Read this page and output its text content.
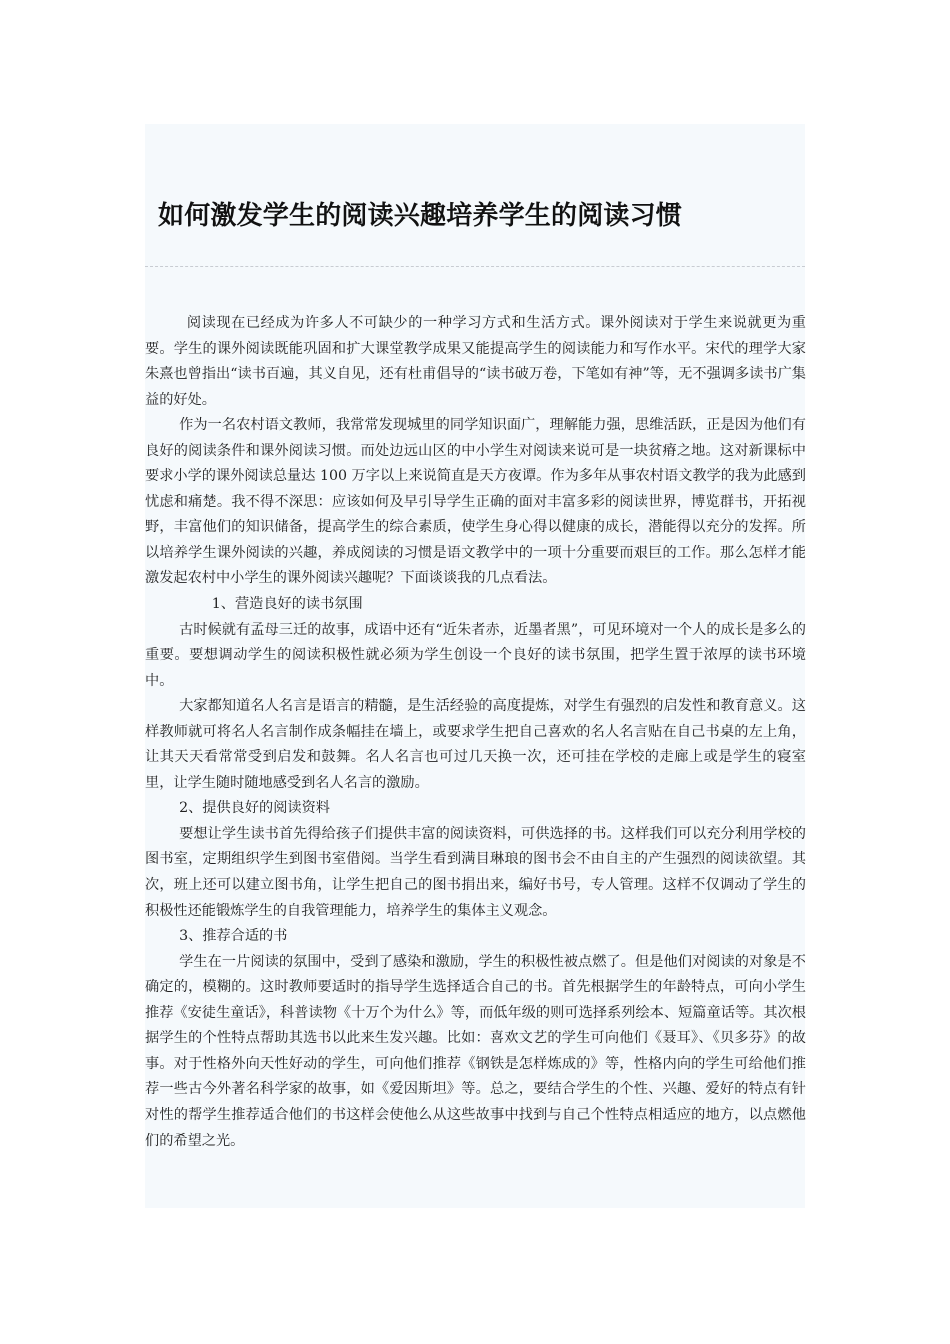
如何激发学生的阅读兴趣培养学生的阅读习惯

阅读现在已经成为许多人不可缺少的一种学习方式和生活方式。课外阅读对于学生来说就更为重要。学生的课外阅读既能巩固和扩大课堂教学成果又能提高学生的阅读能力和写作水平。宋代的理学大家朱熹也曾指出“读书百遍，其义自见，还有杜甫倡导的“读书破万卷，下笔如有神”等，无不强调多读书广集益的好处。

作为一名农村语文教师，我常常发现城里的同学知识面广，理解能力强，思维活跃，正是因为他们有良好的阅读条件和课外阅读习惯。而处边远山区的中小学生对阅读来说可是一块贫瘠之地。这对新课标中要求小学的课外阅读总量达 100 万字以上来说简直是天方夜谭。作为多年从事农村语文教学的我为此感到忧虑和痛楚。我不得不深思：应该如何及早引导学生正确的面对丰富多彩的阅读世界，博览群书，开拓视野，丰富他们的知识储备，提高学生的综合素质，使学生身心得以健康的成长，潜能得以充分的发挥。所以培养学生课外阅读的兴趣，养成阅读的习惯是语文教学中的一项十分重要而艰巨的工作。那么怎样才能激发起农村中小学生的课外阅读兴趣呢？下面谈谈我的几点看法。

1、营造良好的读书氛围

古时候就有孟母三迁的故事，成语中还有“近朱者赤，近墨者黑”，可见环境对一个人的成长是多么的重要。要想调动学生的阅读积极性就必须为学生创设一个良好的读书氛围，把学生置于浓厚的读书环境中。

大家都知道名人名言是语言的精髓，是生活经验的高度提炼，对学生有强烈的启发性和教育意义。这样教师就可将名人名言制作成条幅挂在墙上，或要求学生把自己喜欢的名人名言贴在自己书桌的左上角，让其天天看常常受到启发和鼓舞。名人名言也可过几天换一次，还可挂在学校的走廊上或是学生的寝室里，让学生随时随地感受到名人名言的激励。

2、提供良好的阅读资料

要想让学生读书首先得给孩子们提供丰富的阅读资料，可供选择的书。这样我们可以充分利用学校的图书室，定期组织学生到图书室借阅。当学生看到满目琳琅的图书会不由自主的产生强烈的阅读欲望。其次，班上还可以建立图书角，让学生把自己的图书捐出来，编好书号，专人管理。这样不仅调动了学生的积极性还能锻炼学生的自我管理能力，培养学生的集体主义观念。

3、推荐合适的书

学生在一片阅读的氛围中，受到了感染和激励，学生的积极性被点燃了。但是他们对阅读的对象是不确定的，模糊的。这时教师要适时的指导学生选择适合自己的书。首先根据学生的年龄特点，可向小学生推荐《安徒生童话》，科普读物《十万个为什么》等，而低年级的则可选择系列绘本、短篇童话等。其次根据学生的个性特点帮助其选书以此来生发兴趣。比如：喜欢文艺的学生可向他们《聂耳》、《贝多芬》的故事。对于性格外向天性好动的学生，可向他们推荐《钢铁是怎样炼成的》等，性格内向的学生可给他们推荐一些古今外著名科学家的故事，如《爱因斯坦》等。总之，要结合学生的个性、兴趣、爱好的特点有针对性的帮学生推荐适合他们的书这样会使他么从这些故事中找到与自己个性特点相适应的地方，以点燃他们的希望之光。
